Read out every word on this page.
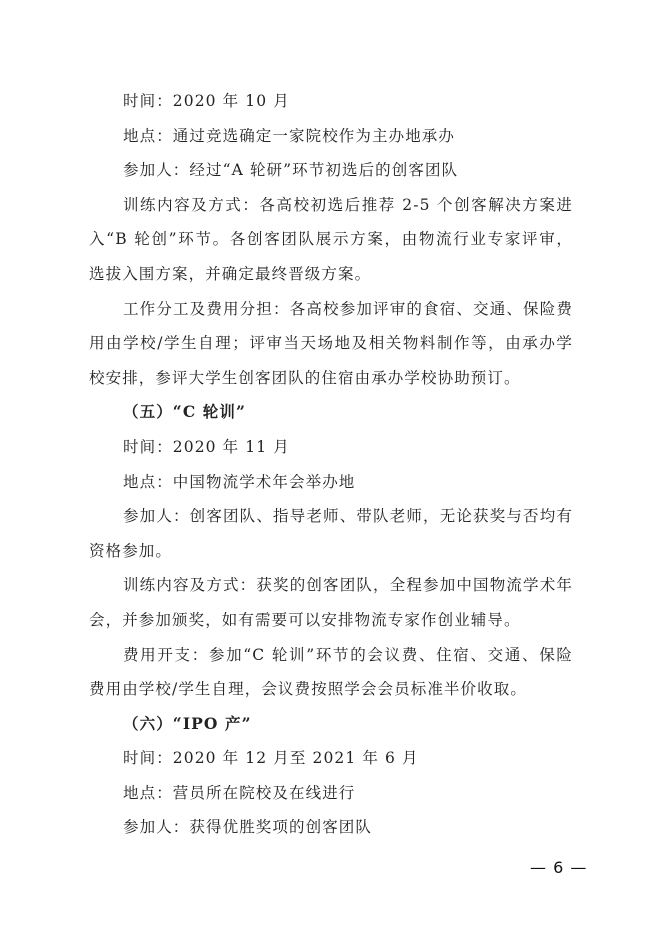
时间：2020 年 10 月

地点：通过竞选确定一家院校作为主办地承办

参加人：经过“A 轮研”环节初选后的创客团队

训练内容及方式：各高校初选后推荐 2-5 个创客解决方案进入“B 轮创”环节。各创客团队展示方案，由物流行业专家评审，选拔入围方案，并确定最终晋级方案。

工作分工及费用分担：各高校参加评审的食宿、交通、保险费用由学校/学生自理；评审当天场地及相关物料制作等，由承办学校安排，参评大学生创客团队的住宿由承办学校协助预订。

（五）“C 轮训”

时间：2020 年 11 月

地点：中国物流学术年会举办地

参加人：创客团队、指导老师、带队老师，无论获奖与否均有资格参加。

训练内容及方式：获奖的创客团队，全程参加中国物流学术年会，并参加颁奖，如有需要可以安排物流专家作创业辅导。

费用开支：参加“C 轮训”环节的会议费、住宿、交通、保险费用由学校/学生自理，会议费按照学会会员标准半价收取。

（六）“IPO 产”

时间：2020 年 12 月至 2021 年 6 月

地点：营员所在院校及在线进行

参加人：获得优胜奖项的创客团队

— 6 —
